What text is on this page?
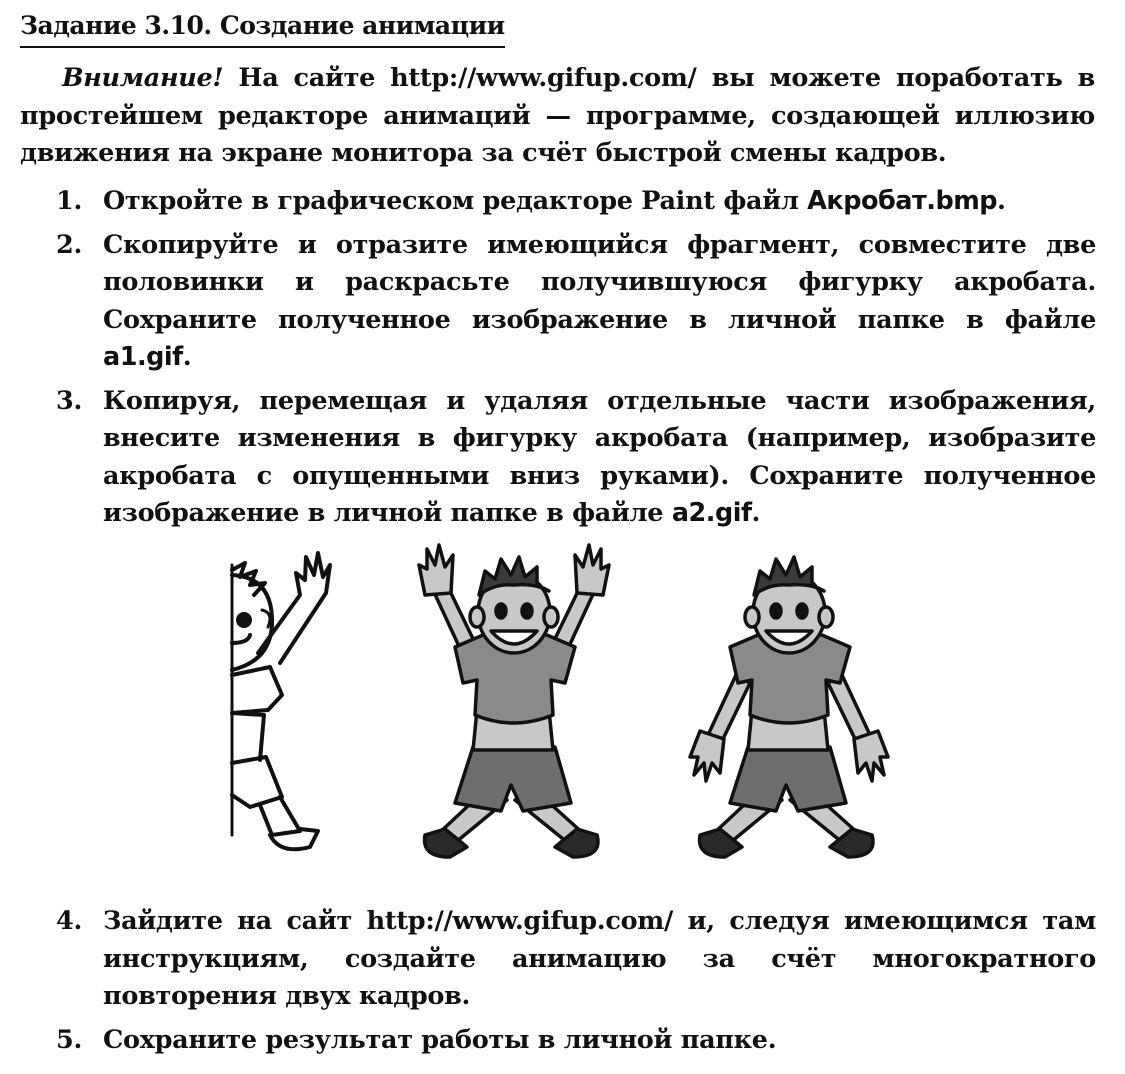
Задание 3.10. Создание анимации

Внимание! На сайте http://www.gifup.com/ вы можете поработать в простейшем редакторе анимаций — программе, создающей иллюзию движения на экране монитора за счёт быстрой смены кадров.

1. Откройте в графическом редакторе Paint файл Акробат.bmp.
2. Скопируйте и отразите имеющийся фрагмент, совместите две половинки и раскрасьте получившуюся фигурку акробата. Сохраните полученное изображение в личной папке в файле a1.gif.
3. Копируя, перемещая и удаляя отдельные части изображения, внесите изменения в фигурку акробата (например, изобразите акробата с опущенными вниз руками). Сохраните полученное изображение в личной папке в файле a2.gif.
4. Зайдите на сайт http://www.gifup.com/ и, следуя имеющимся там инструкциям, создайте анимацию за счёт многократного повторения двух кадров.
5. Сохраните результат работы в личной папке.
